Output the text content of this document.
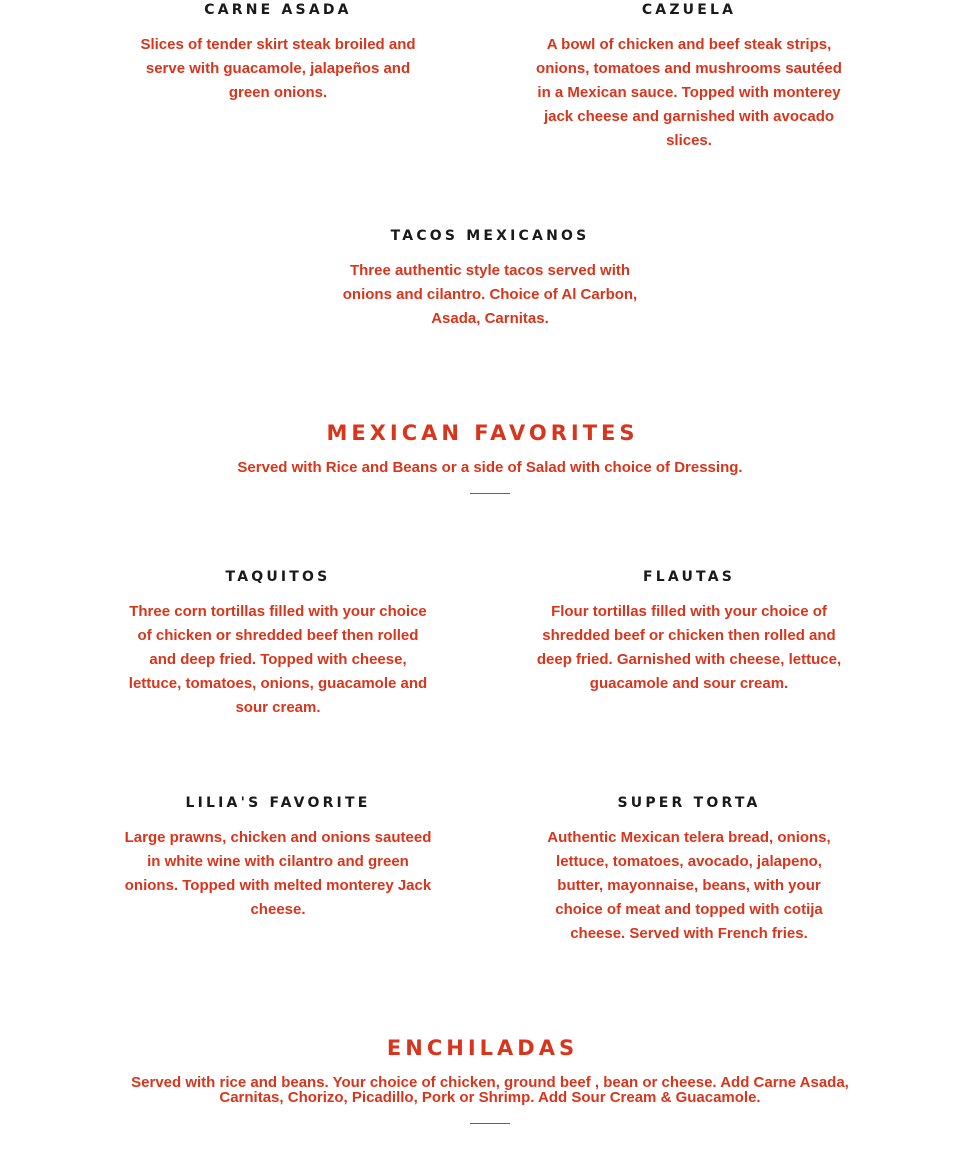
CARNE ASADA
Slices of tender skirt steak broiled and serve with guacamole, jalapeños and green onions.
CAZUELA
A bowl of chicken and beef steak strips, onions, tomatoes and mushrooms sautéed in a Mexican sauce. Topped with monterey jack cheese and garnished with avocado slices.
TACOS MEXICANOS
Three authentic style tacos served with onions and cilantro. Choice of Al Carbon, Asada, Carnitas.
MEXICAN FAVORITES
Served with Rice and Beans or a side of Salad with choice of Dressing.
TAQUITOS
Three corn tortillas filled with your choice of chicken or shredded beef then rolled and deep fried. Topped with cheese, lettuce, tomatoes, onions, guacamole and sour cream.
FLAUTAS
Flour tortillas filled with your choice of shredded beef or chicken then rolled and deep fried. Garnished with cheese, lettuce, guacamole and sour cream.
LILIA'S FAVORITE
Large prawns, chicken and onions sauteed in white wine with cilantro and green onions. Topped with melted monterey Jack cheese.
SUPER TORTA
Authentic Mexican telera bread, onions, lettuce, tomatoes, avocado, jalapeno, butter, mayonnaise, beans, with your choice of meat and topped with cotija cheese. Served with French fries.
ENCHILADAS
Served with rice and beans. Your choice of chicken, ground beef , bean or cheese. Add Carne Asada, Carnitas, Chorizo, Picadillo, Pork or Shrimp. Add Sour Cream & Guacamole.
